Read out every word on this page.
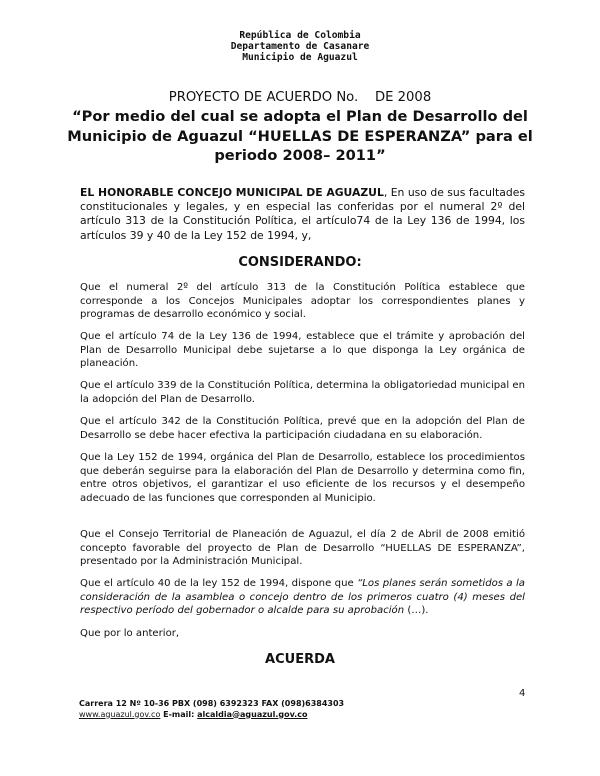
República de Colombia
Departamento de Casanare
Municipio de Aguazul
PROYECTO DE ACUERDO No.    DE 2008
“Por medio del cual se adopta el Plan de Desarrollo del Municipio de Aguazul “HUELLAS DE ESPERANZA” para el periodo 2008– 2011”
EL HONORABLE CONCEJO MUNICIPAL DE AGUAZUL, En uso de sus facultades constitucionales y legales, y en especial las conferidas por el numeral 2º del artículo 313 de la Constitución Política, el artículo74 de la Ley 136 de 1994, los artículos 39 y 40 de la Ley 152 de 1994, y,
CONSIDERANDO:
Que el numeral 2º del artículo 313 de la Constitución Política establece que corresponde a los Concejos Municipales adoptar los correspondientes planes y programas de desarrollo económico y social.
Que el artículo 74 de la Ley 136 de 1994, establece que el trámite y aprobación del Plan de Desarrollo Municipal debe sujetarse a lo que disponga la Ley orgánica de planeación.
Que el artículo 339 de la Constitución Política, determina la obligatoriedad municipal en la adopción del Plan de Desarrollo.
Que el artículo 342 de la Constitución Política, prevé que en la adopción del Plan de Desarrollo se debe hacer efectiva la participación ciudadana en su elaboración.
Que la Ley 152 de 1994, orgánica del Plan de Desarrollo, establece los procedimientos que deberán seguirse para la elaboración del Plan de Desarrollo y determina como fin, entre otros objetivos, el garantizar el uso eficiente de los recursos y el desempeño adecuado de las funciones que corresponden al Municipio.
Que el Consejo Territorial de Planeación de Aguazul, el día 2 de Abril de 2008 emitió concepto favorable del proyecto de Plan de Desarrollo “HUELLAS DE ESPERANZA”, presentado por la Administración Municipal.
Que el artículo 40 de la ley 152 de 1994, dispone que “Los planes serán sometidos a la consideración de la asamblea o concejo dentro de los primeros cuatro (4) meses del respectivo período del gobernador o alcalde para su aprobación (…).
Que por lo anterior,
ACUERDA
4
Carrera 12 Nº 10-36 PBX (098) 6392323 FAX (098)6384303
www.aguazul.gov.co E-mail: alcaldia@aguazul.gov.co
